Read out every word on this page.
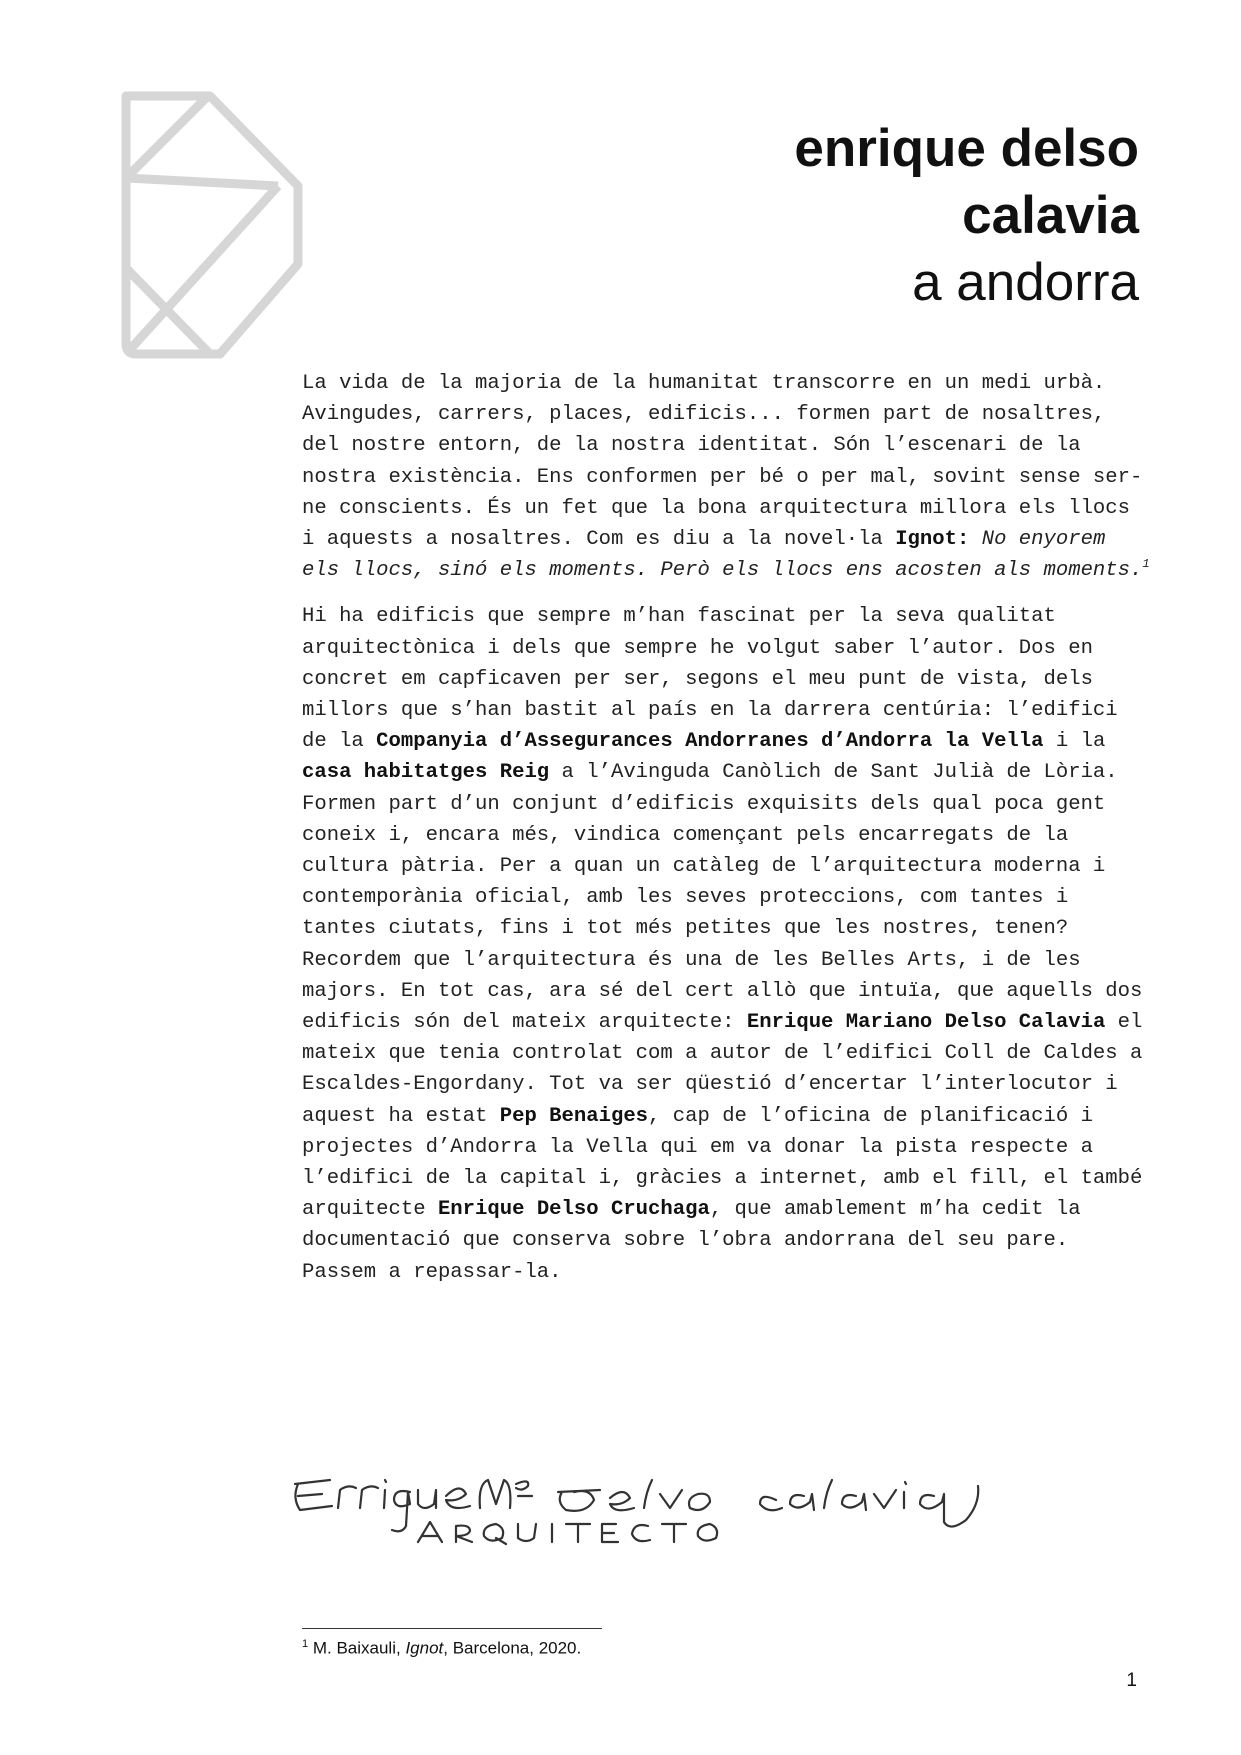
enrique delso
calavia
a andorra

La vida de la majoria de la humanitat transcorre en un medi urbà. Avingudes, carrers, places, edificis... formen part de nosaltres, del nostre entorn, de la nostra identitat. Són l’escenari de la nostra existència. Ens conformen per bé o per mal, sovint sense ser-ne conscients. És un fet que la bona arquitectura millora els llocs i aquests a nosaltres. Com es diu a la novel·la Ignot: No enyorem els llocs, sinó els moments. Però els llocs ens acosten als moments.$^1$

Hi ha edificis que sempre m’han fascinat per la seva qualitat arquitectònica i dels que sempre he volgut saber l’autor. Dos en concret em capficaven per ser, segons el meu punt de vista, dels millors que s’han bastit al país en la darrera centúria: l’edifici de la Companyia d’Assegurances Andorranes d’Andorra la Vella i la casa habitatges Reig a l’Avinguda Canòlich de Sant Julià de Lòria. Formen part d’un conjunt d’edificis exquisits dels qual poca gent coneix i, encara més, vindica començant pels encarregats de la cultura pàtria. Per a quan un catàleg de l’arquitectura moderna i contemporània oficial, amb les seves proteccions, com tantes i tantes ciutats, fins i tot més petites que les nostres, tenen? Recordem que l’arquitectura és una de les Belles Arts, i de les majors. En tot cas, ara sé del cert allò que intuïa, que aquells dos edificis són del mateix arquitecte: Enrique Mariano Delso Calavia el mateix que tenia controlat com a autor de l’edifici Coll de Caldes a Escaldes-Engordany. Tot va ser qüestió d’encertar l’interlocutor i aquest ha estat Pep Benaiges, cap de l’oficina de planificació i projectes d’Andorra la Vella qui em va donar la pista respecte a l’edifici de la capital i, gràcies a internet, amb el fill, el també arquitecte Enrique Delso Cruchaga, que amablement m’ha cedit la documentació que conserva sobre l’obra andorrana del seu pare. Passem a repassar-la.

$^1$ M. Baixauli, Ignot, Barcelona, 2020.
1
